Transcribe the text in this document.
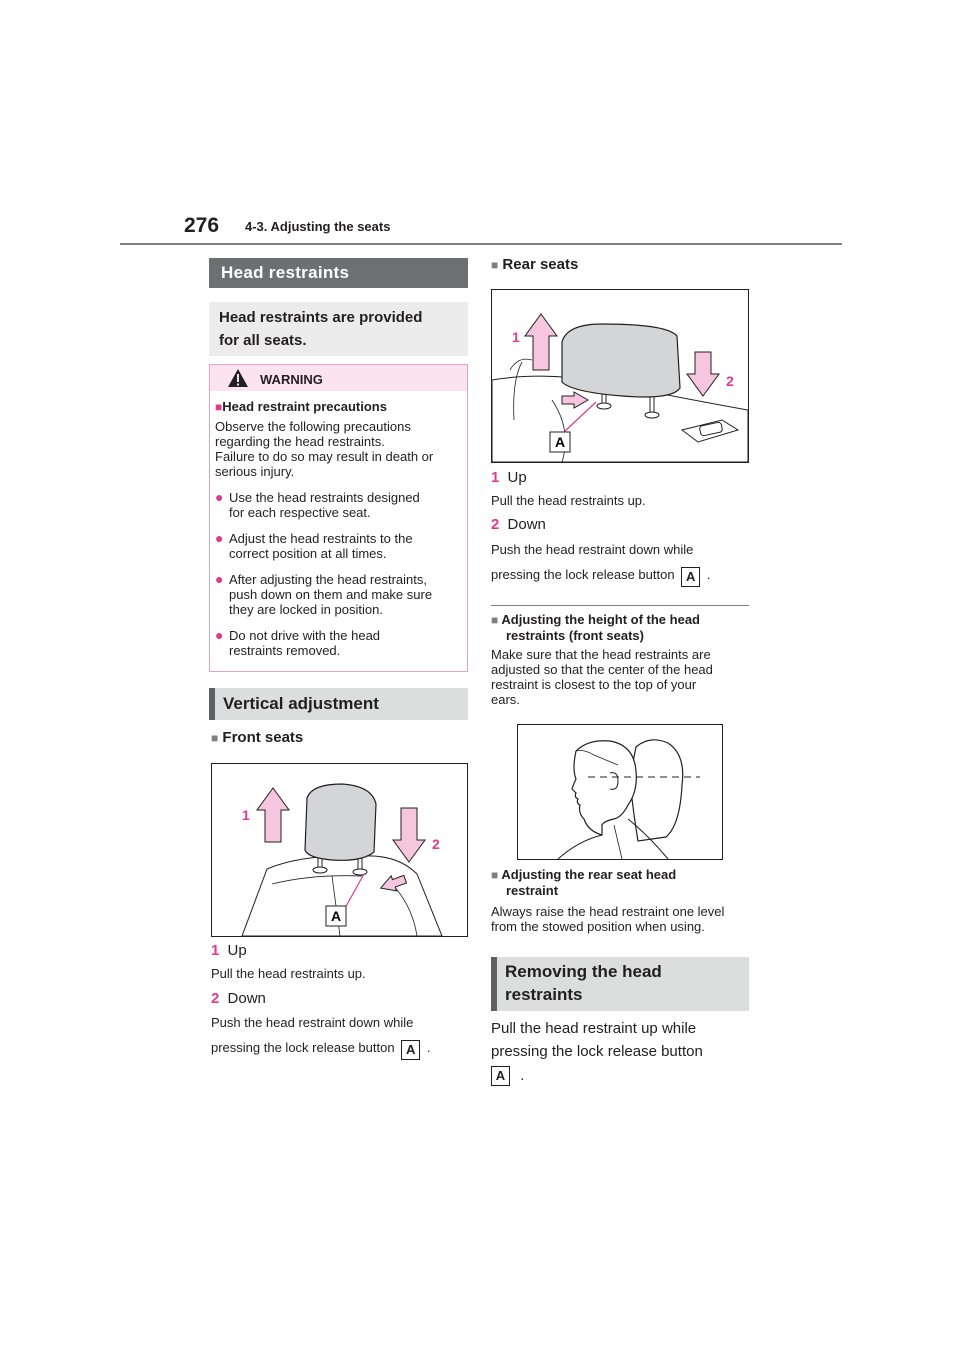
276 4-3. Adjusting the seats
Head restraints
Head restraints are provided
for all seats.
WARNING
■Head restraint precautions
Observe the following precautions
regarding the head restraints.
Failure to do so may result in death or
serious injury.
● Use the head restraints designed
for each respective seat.
● Adjust the head restraints to the
correct position at all times.
● After adjusting the head restraints,
push down on them and make sure
they are locked in position.
● Do not drive with the head
restraints removed.
Vertical adjustment
■ Front seats
1
2
A
1 Up
Pull the head restraints up.
2 Down
Push the head restraint down while
pressing the lock release button A .
■ Rear seats
1
2
A
1 Up
Pull the head restraints up.
2 Down
Push the head restraint down while
pressing the lock release button A .
■ Adjusting the height of the head
restraints (front seats)
Make sure that the head restraints are
adjusted so that the center of the head
restraint is closest to the top of your
ears.
■ Adjusting the rear seat head
restraint
Always raise the head restraint one level
from the stowed position when using.
Removing the head
restraints
Pull the head restraint up while
pressing the lock release button
A .
